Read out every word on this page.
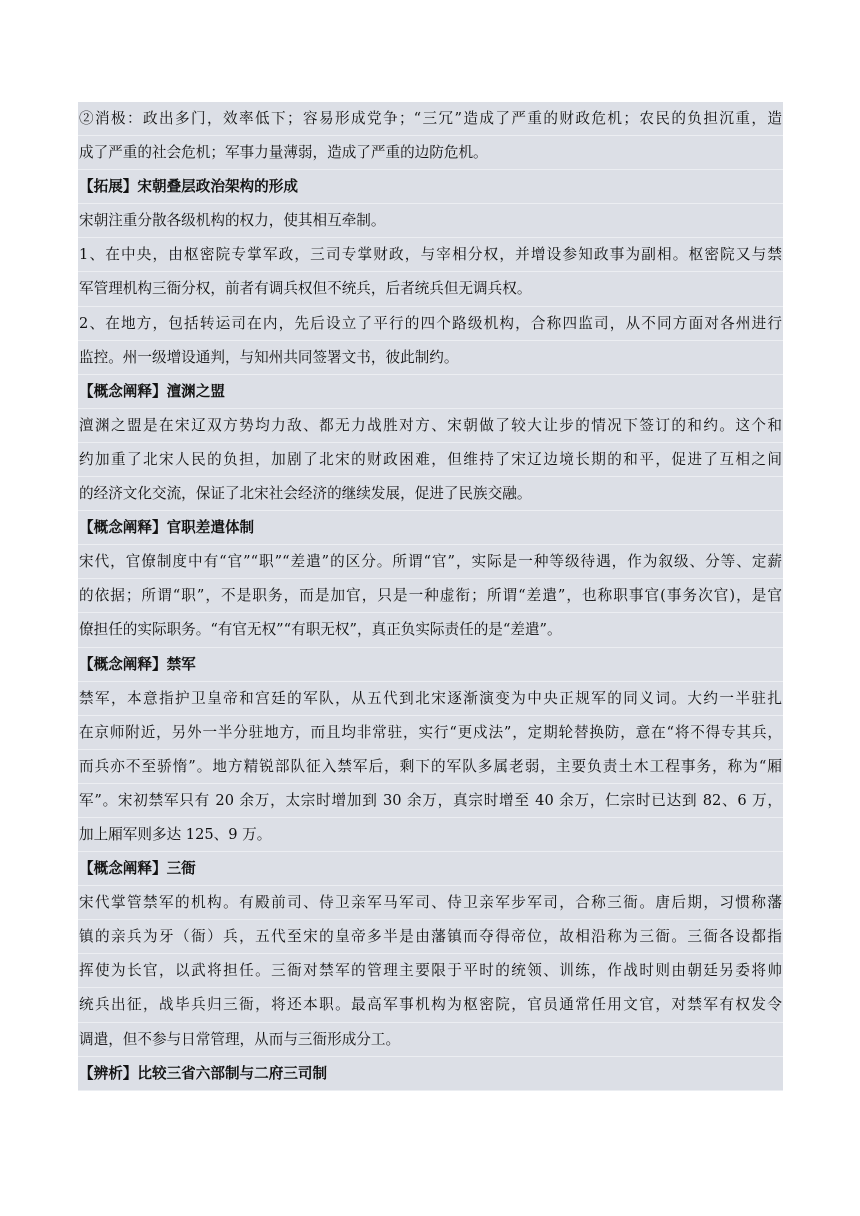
②消极：政出多门，效率低下；容易形成党争；“三冗”造成了严重的财政危机；农民的负担沉重，造
成了严重的社会危机；军事力量薄弱，造成了严重的边防危机。
【拓展】宋朝叠层政治架构的形成
宋朝注重分散各级机构的权力，使其相互牵制。
1、在中央，由枢密院专掌军政，三司专掌财政，与宰相分权，并增设参知政事为副相。枢密院又与禁
军管理机构三衙分权，前者有调兵权但不统兵，后者统兵但无调兵权。
2、在地方，包括转运司在内，先后设立了平行的四个路级机构，合称四监司，从不同方面对各州进行
监控。州一级增设通判，与知州共同签署文书，彼此制约。
【概念阐释】澶渊之盟
澶渊之盟是在宋辽双方势均力敌、都无力战胜对方、宋朝做了较大让步的情况下签订的和约。这个和
约加重了北宋人民的负担，加剧了北宋的财政困难，但维持了宋辽边境长期的和平，促进了互相之间
的经济文化交流，保证了北宋社会经济的继续发展，促进了民族交融。
【概念阐释】官职差遣体制
宋代，官僚制度中有“官”“职”“差遣”的区分。所谓“官”，实际是一种等级待遇，作为叙级、分等、定薪
的依据；所谓“职”，不是职务，而是加官，只是一种虚衔；所谓“差遣”，也称职事官(事务次官)，是官
僚担任的实际职务。“有官无权”“有职无权”，真正负实际责任的是“差遣”。
【概念阐释】禁军
禁军，本意指护卫皇帝和宫廷的军队，从五代到北宋逐渐演变为中央正规军的同义词。大约一半驻扎
在京师附近，另外一半分驻地方，而且均非常驻，实行“更戍法”，定期轮替换防，意在“将不得专其兵，
而兵亦不至骄惰”。地方精锐部队征入禁军后，剩下的军队多属老弱，主要负责土木工程事务，称为“厢
军”。宋初禁军只有 20 余万，太宗时增加到 30 余万，真宗时增至 40 余万，仁宗时已达到 82、6 万，
加上厢军则多达 125、9 万。
【概念阐释】三衙
宋代掌管禁军的机构。有殿前司、侍卫亲军马军司、侍卫亲军步军司，合称三衙。唐后期，习惯称藩
镇的亲兵为牙（衙）兵，五代至宋的皇帝多半是由藩镇而夺得帝位，故相沿称为三衙。三衙各设都指
挥使为长官，以武将担任。三衙对禁军的管理主要限于平时的统领、训练，作战时则由朝廷另委将帅
统兵出征，战毕兵归三衙，将还本职。最高军事机构为枢密院，官员通常任用文官，对禁军有权发令
调遣，但不参与日常管理，从而与三衙形成分工。
【辨析】比较三省六部制与二府三司制
